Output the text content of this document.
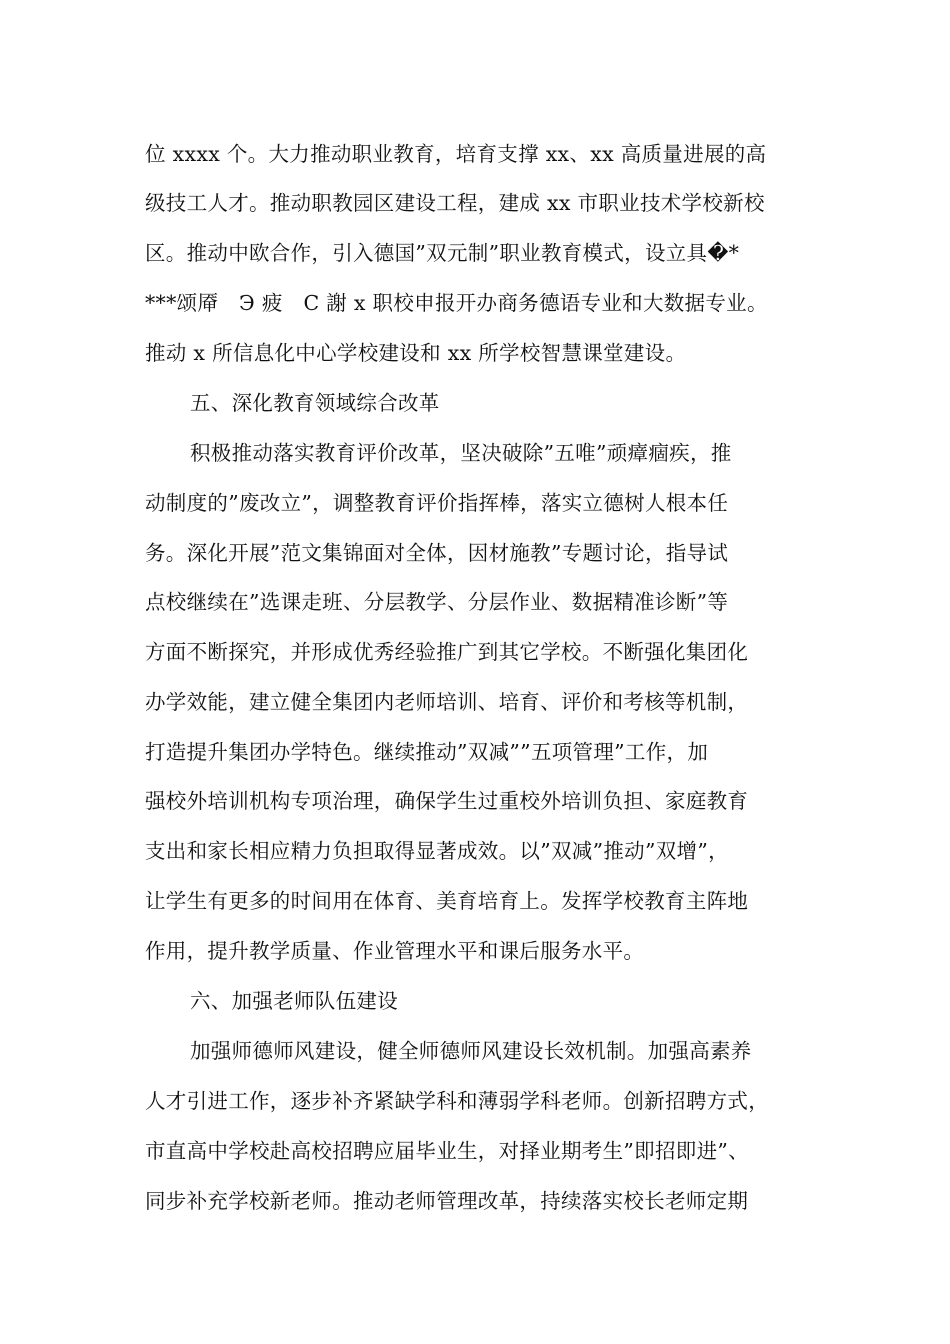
位 xxxx 个。大力推动职业教育，培育支撑 xx、xx 高质量进展的高
级技工人才。推动职教园区建设工程，建成 xx 市职业技术学校新校
区。推动中欧合作，引入德国”双元制”职业教育模式，设立具�*
***颂厣　Э 疲　С 謝 x 职校申报开办商务德语专业和大数据专业。
推动 x 所信息化中心学校建设和 xx 所学校智慧课堂建设。
五、深化教育领域综合改革
积极推动落实教育评价改革，坚决破除”五唯”顽瘴痼疾，推
动制度的”废改立”，调整教育评价指挥棒，落实立德树人根本任
务。深化开展”范文集锦面对全体，因材施教”专题讨论，指导试
点校继续在”选课走班、分层教学、分层作业、数据精准诊断”等
方面不断探究，并形成优秀经验推广到其它学校。不断强化集团化
办学效能，建立健全集团内老师培训、培育、评价和考核等机制，
打造提升集团办学特色。继续推动”双减””五项管理”工作，加
强校外培训机构专项治理，确保学生过重校外培训负担、家庭教育
支出和家长相应精力负担取得显著成效。以”双减”推动”双增”，
让学生有更多的时间用在体育、美育培育上。发挥学校教育主阵地
作用，提升教学质量、作业管理水平和课后服务水平。
六、加强老师队伍建设
加强师德师风建设，健全师德师风建设长效机制。加强高素养
人才引进工作，逐步补齐紧缺学科和薄弱学科老师。创新招聘方式，
市直高中学校赴高校招聘应届毕业生，对择业期考生”即招即进”、
同步补充学校新老师。推动老师管理改革，持续落实校长老师定期
